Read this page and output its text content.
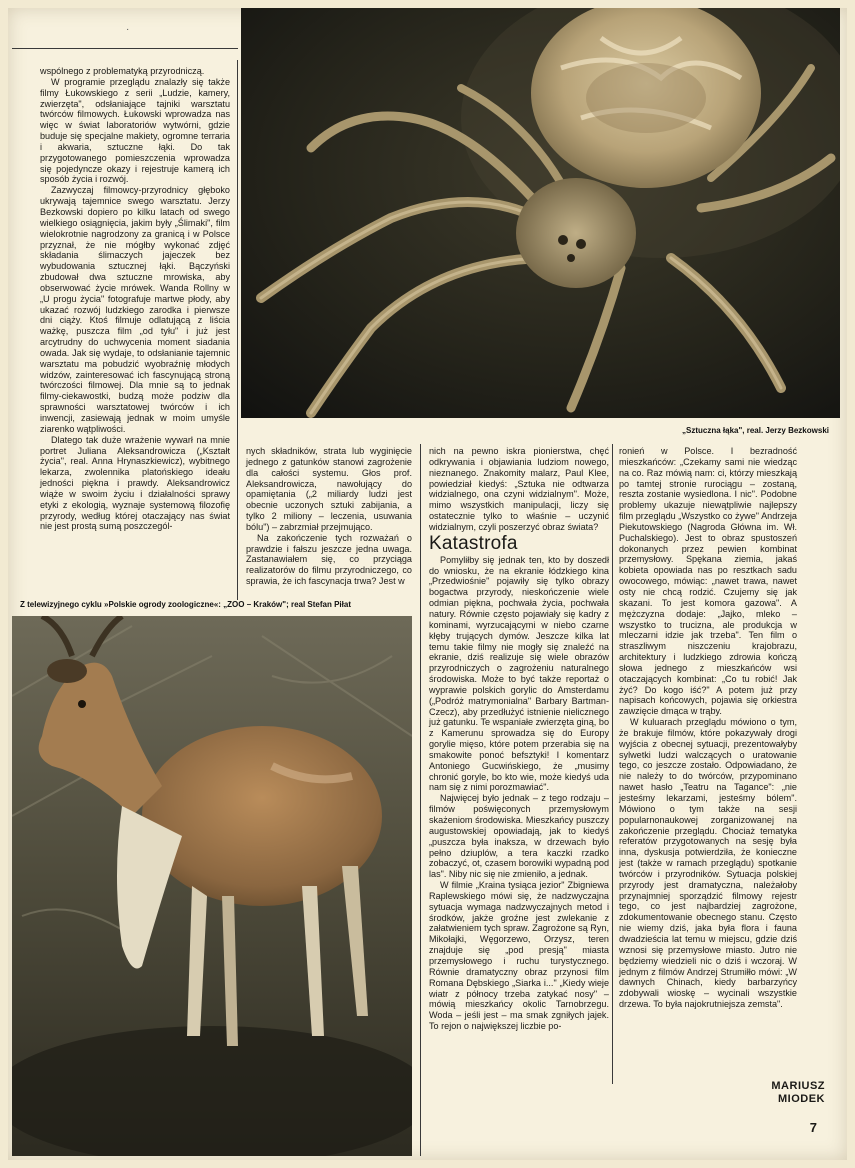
·
„Sztuczna łąka", real. Jerzy Bezkowski

wspólnego z problematyką przyrodniczą.

W programie przeglądu znalazły się także filmy Łukowskiego z serii „Ludzie, kamery, zwierzęta", odsłaniające tajniki warsztatu twórców filmowych. Łukowski wprowadza nas więc w świat laboratoriów wytwórni, gdzie buduje się specjalne makiety, ogromne terraria i akwaria, sztuczne łąki. Do tak przygotowanego pomieszczenia wprowadza się pojedyncze okazy i rejestruje kamerą ich sposób życia i rozwój.

Zazwyczaj filmowcy-przyrodnicy głęboko ukrywają tajemnice swego warsztatu. Jerzy Bezkowski dopiero po kilku latach od swego wielkiego osiągnięcia, jakim były „Ślimaki", film wielokrotnie nagrodzony za granicą i w Polsce przyznał, że nie mógłby wykonać zdjęć składania ślimaczych jajeczek bez wybudowania sztucznej łąki. Bączyński zbudował dwa sztuczne mrowiska, aby obserwować życie mrówek. Wanda Rollny w „U progu życia" fotografuje martwe płody, aby ukazać rozwój ludzkiego zarodka i pierwsze dni ciąży. Ktoś filmuje odlatującą z liścia ważkę, puszcza film „od tyłu" i już jest arcytrudny do uchwycenia moment siadania owada. Jak się wydaje, to odsłanianie tajemnic warsztatu ma pobudzić wyobraźnię młodych widzów, zainteresować ich fascynującą stroną twórczości filmowej. Dla mnie są to jednak filmy-ciekawostki, budzą może podziw dla sprawności warsztatowej twórców i ich inwencji, zasiewają jednak w moim umyśle ziarenko wątpliwości.

Dlatego tak duże wrażenie wywarł na mnie portret Juliana Aleksandrowicza („Kształt życia", real. Anna Hrynaszkiewicz), wybitnego lekarza, zwolennika platońskiego ideału jedności piękna i prawdy. Aleksandrowicz wiąże w swoim życiu i działalności sprawy etyki z ekologią, wyznaje systemową filozofię przyrody, według której otaczający nas świat nie jest prostą sumą poszczegól-

nych składników, strata lub wyginięcie jednego z gatunków stanowi zagrożenie dla całości systemu. Głos prof. Aleksandrowicza, nawołujący do opamiętania („2 miliardy ludzi jest obecnie uczonych sztuki zabijania, a tylko 2 miliony – leczenia, usuwania bólu") – zabrzmiał przejmująco.

Na zakończenie tych rozważań o prawdzie i fałszu jeszcze jedna uwaga. Zastanawiałem się, co przyciąga realizatorów do filmu przyrodniczego, co sprawia, że ich fascynacja trwa? Jest w

Z telewizyjnego cyklu »Polskie ogrody zoologiczne«: „ZOO – Kraków"; real Stefan Piłat

nich na pewno iskra pionierstwa, chęć odkrywania i objawiania ludziom nowego, nieznanego. Znakomity malarz, Paul Klee, powiedział kiedyś: „Sztuka nie odtwarza widzialnego, ona czyni widzialnym". Może, mimo wszystkich manipulacji, liczy się ostatecznie tylko to właśnie – uczynić widzialnym, czyli poszerzyć obraz świata?

Katastrofa

Pomyliłby się jednak ten, kto by doszedł do wniosku, że na ekranie łódzkiego kina „Przedwiośnie" pojawiły się tylko obrazy bogactwa przyrody, nieskończenie wiele odmian piękna, pochwała życia, pochwała natury. Równie często pojawiały się kadry z kominami, wyrzucającymi w niebo czarne kłęby trujących dymów. Jeszcze kilka lat temu takie filmy nie mogły się znaleźć na ekranie, dziś realizuje się wiele obrazów przyrodniczych o zagrożeniu naturalnego środowiska. Może to być także reportaż o wyprawie polskich gorylic do Amsterdamu („Podróż matrymonialna" Barbary Bartman-Czecz), aby przedłużyć istnienie nielicznego już gatunku. Te wspaniałe zwierzęta giną, bo z Kamerunu sprowadza się do Europy gorylie mięso, które potem przerabia się na smakowite ponoć befsztyki! I komentarz Antoniego Gucwińskiego, że „musimy chronić goryle, bo kto wie, może kiedyś uda nam się z nimi porozmawiać".

Najwięcej było jednak – z tego rodzaju – filmów poświęconych przemysłowym skażeniom środowiska. Mieszkańcy puszczy augustowskiej opowiadają, jak to kiedyś „puszcza była inaksza, w drzewach było pełno dziuplów, a tera kaczki rzadko zobaczyć, ot, czasem borowiki wypadną pod las". Niby nic się nie zmieniło, a jednak.

W filmie „Kraina tysiąca jezior" Zbigniewa Raplewskiego mówi się, że nadzwyczajna sytuacja wymaga nadzwyczajnych metod i środków, jakże groźne jest zwlekanie z załatwieniem tych spraw. Zagrożone są Ryn, Mikołajki, Węgorzewo, Orzysz, teren znajduje się „pod presją" miasta przemysłowego i ruchu turystycznego. Równie dramatyczny obraz przynosi film Romana Dębskiego „Siarka i..." „Kiedy wieje wiatr z północy trzeba zatykać nosy" – mówią mieszkańcy okolic Tarnobrzegu. Woda – jeśli jest – ma smak zgniłych jajek. To rejon o największej liczbie po-

ronień w Polsce. I bezradność mieszkańców: „Czekamy sami nie wiedząc na co. Raz mówią nam: ci, którzy mieszkają po tamtej stronie rurociągu – zostaną, reszta zostanie wysiedlona. I nic". Podobne problemy ukazuje niewątpliwie najlepszy film przeglądu „Wszystko co żywe" Andrzeja Piekutowskiego (Nagroda Główna im. Wł. Puchalskiego). Jest to obraz spustoszeń dokonanych przez pewien kombinat przemysłowy. Spękana ziemia, jakaś kobieta opowiada nas po resztkach sadu owocowego, mówiąc: „nawet trawa, nawet osty nie chcą rodzić. Czujemy się jak skazani. To jest komora gazowa". A mężczyzna dodaje: „Jajko, mleko – wszystko to trucizna, ale produkcja w mleczarni idzie jak trzeba". Ten film o straszliwym niszczeniu krajobrazu, architektury i ludzkiego zdrowia kończą słowa jednego z mieszkańców wsi otaczających kombinat: „Co tu robić! Jak żyć? Do kogo iść?" A potem już przy napisach końcowych, pojawia się orkiestra zawzięcie dmąca w trąby.

W kuluarach przeglądu mówiono o tym, że brakuje filmów, które pokazywały drogi wyjścia z obecnej sytuacji, prezentowałyby sylwetki ludzi walczących o uratowanie tego, co jeszcze zostało. Odpowiadano, że nie należy to do twórców, przypominano nawet hasło „Teatru na Tagance": „nie jesteśmy lekarzami, jesteśmy bólem". Mówiono o tym także na sesji popularnonaukowej zorganizowanej na zakończenie przeglądu. Chociaż tematyka referatów przygotowanych na sesję była inna, dyskusja potwierdziła, że konieczne jest (także w ramach przeglądu) spotkanie twórców i przyrodników. Sytuacja polskiej przyrody jest dramatyczna, należałoby przynajmniej sporządzić filmowy rejestr tego, co jest najbardziej zagrożone, zdokumentowanie obecnego stanu. Często nie wiemy dziś, jaka była flora i fauna dwadzieścia lat temu w miejscu, gdzie dziś wznosi się przemysłowe miasto. Jutro nie będziemy wiedzieli nic o dziś i wczoraj. W jednym z filmów Andrzej Strumiłło mówi: „W dawnych Chinach, kiedy barbarzyńcy zdobywali wioskę – wycinali wszystkie drzewa. To była najokrutniejsza zemsta".

MARIUSZ
MIODEK
7
